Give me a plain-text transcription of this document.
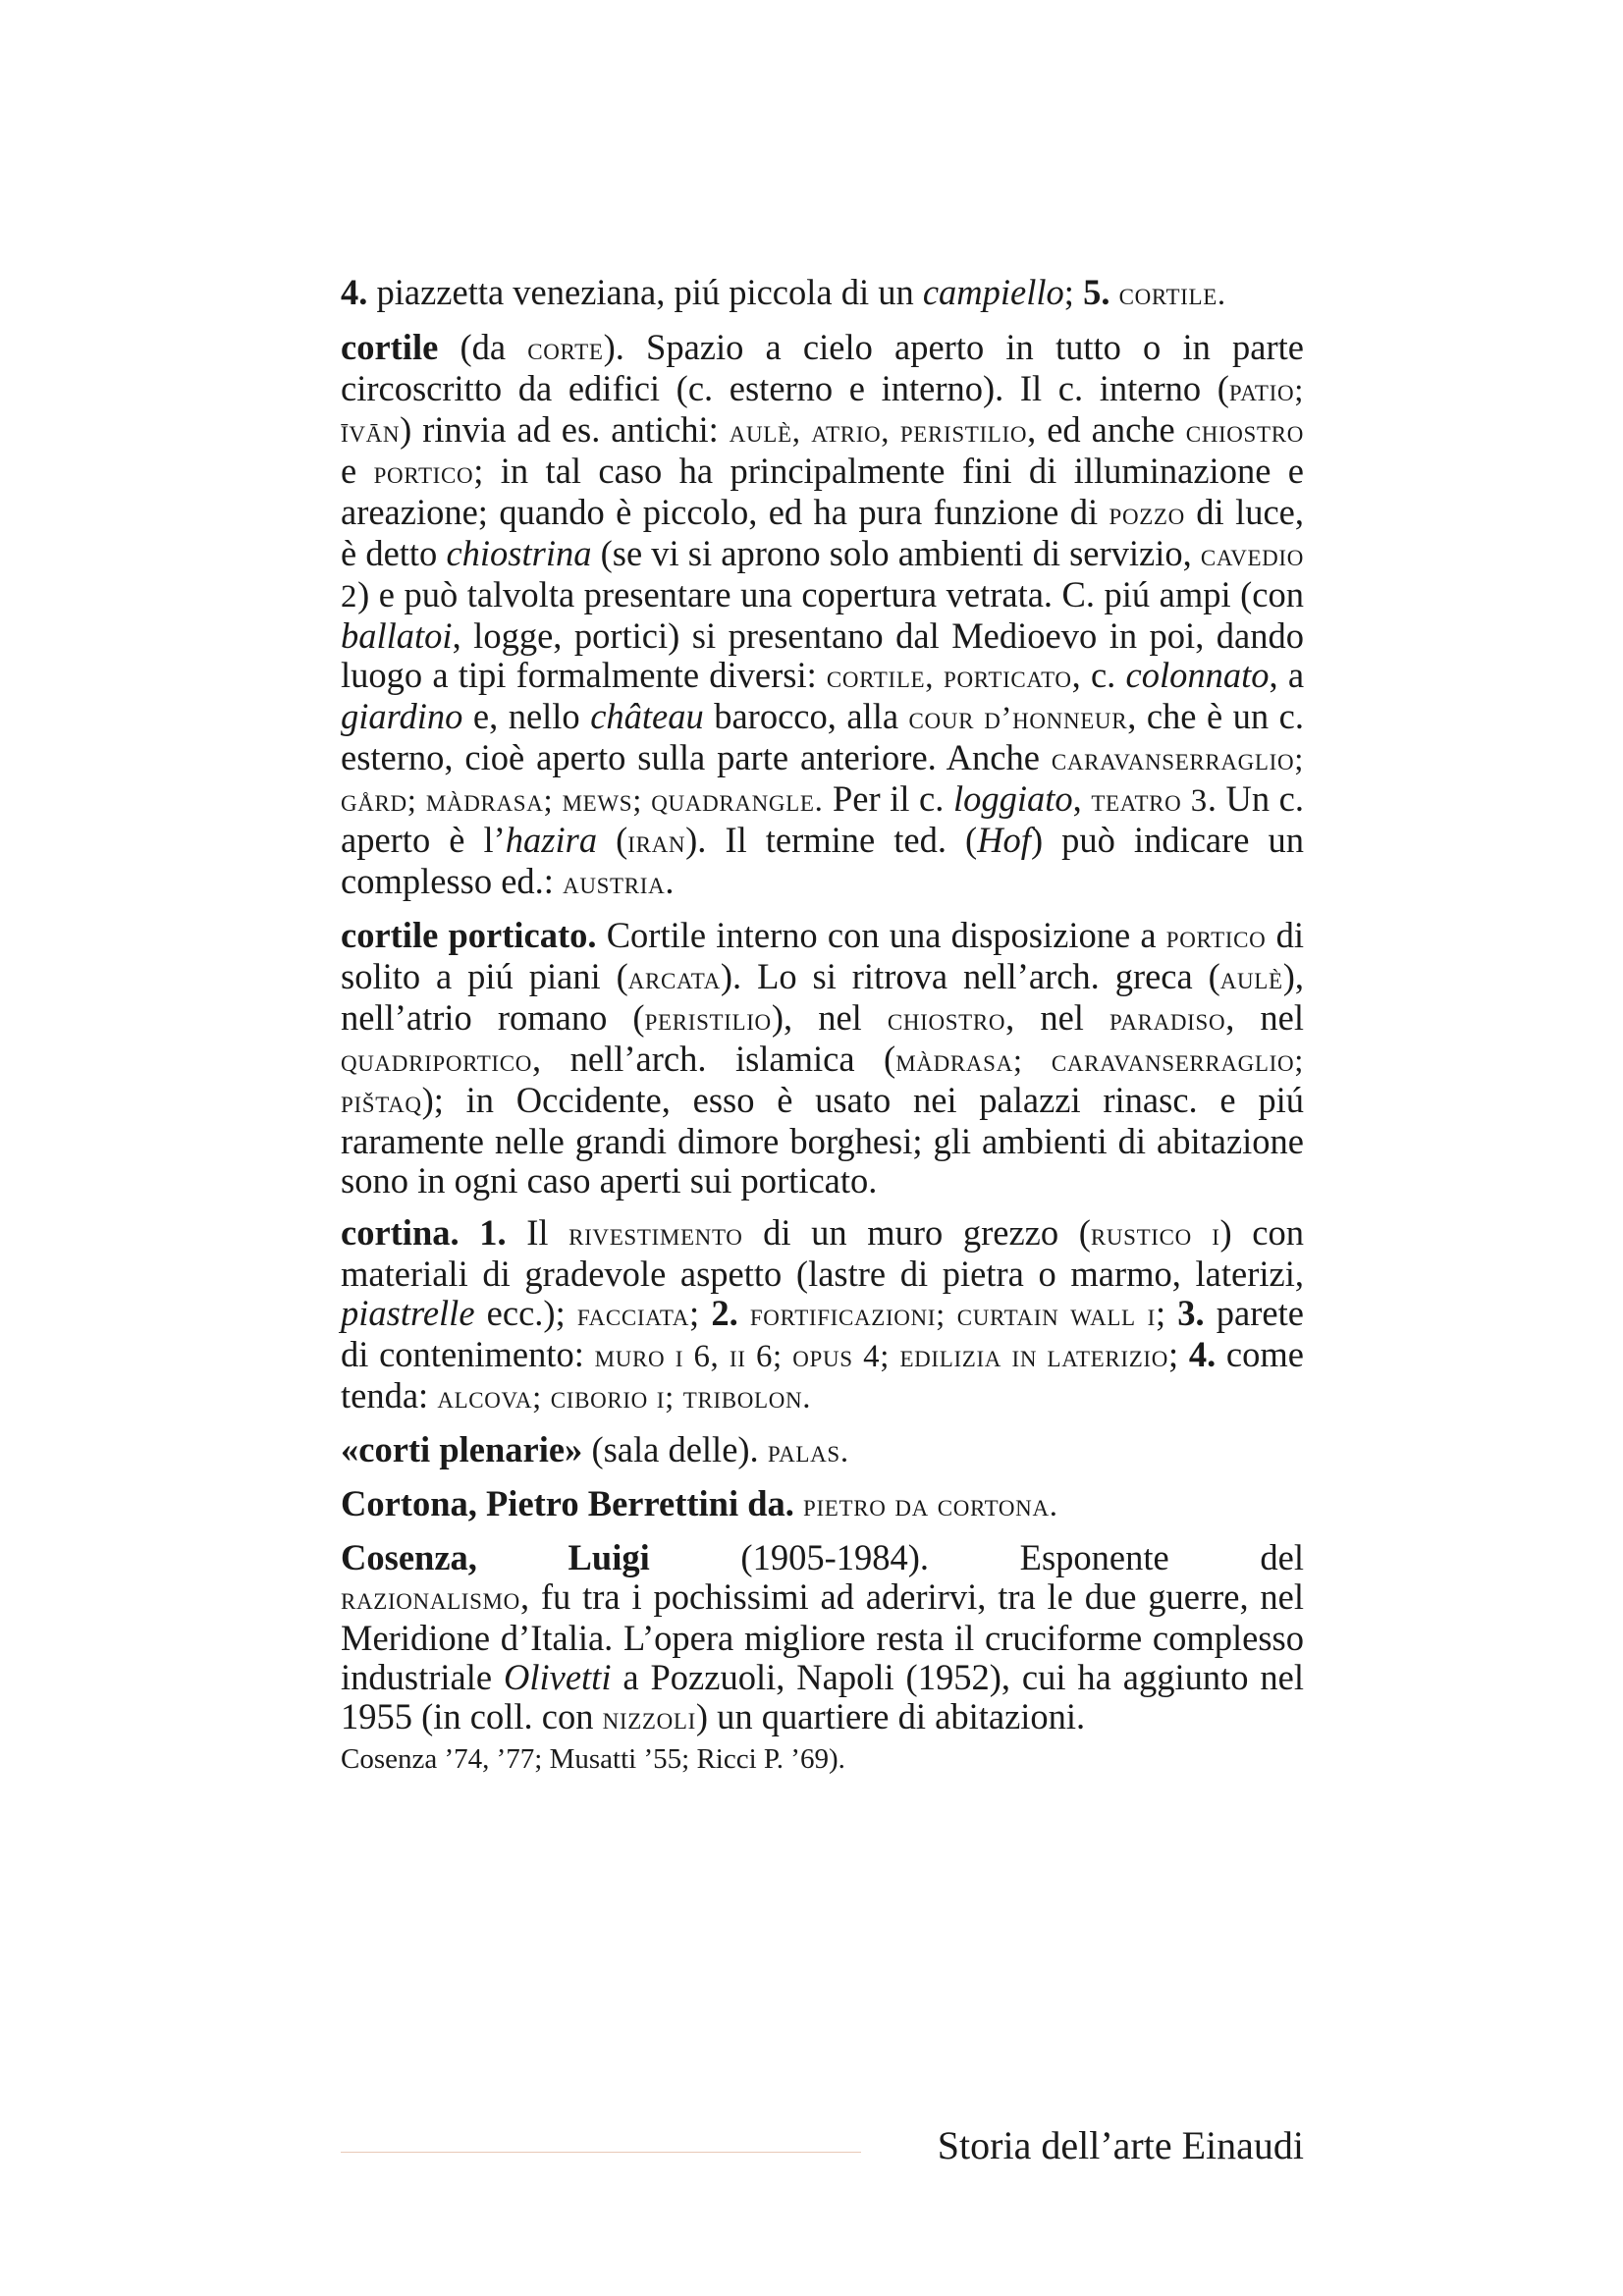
4. piazzetta veneziana, piú piccola di un campiello; 5. cortile.

cortile (da corte). Spazio a cielo aperto in tutto o in parte circoscritto da edifici (c. esterno e interno). Il c. interno (patio; īvān) rinvia ad es. antichi: aulè, atrio, peristilio, ed anche chiostro e portico; in tal caso ha principalmente fini di illuminazione e areazione; quando è piccolo, ed ha pura funzione di pozzo di luce, è detto chiostrina (se vi si aprono solo ambienti di servizio, cavedio 2) e può talvolta presentare una copertura vetrata. C. piú ampi (con ballatoi, logge, portici) si presentano dal Medioevo in poi, dando luogo a tipi formalmente diversi: cortile, porticato, c. colonnato, a giardino e, nello château barocco, alla cour d’honneur, che è un c. esterno, cioè aperto sulla parte anteriore. Anche caravanserraglio; gård; màdrasa; mews; quadrangle. Per il c. loggiato, teatro 3. Un c. aperto è l’hazira (iran). Il termine ted. (Hof) può indicare un complesso ed.: austria.

cortile porticato. Cortile interno con una disposizione a portico di solito a piú piani (arcata). Lo si ritrova nell’arch. greca (aulè), nell’atrio romano (peristilio), nel chiostro, nel paradiso, nel quadriportico, nell’arch. islamica (màdrasa; caravanserraglio; pištaq); in Occidente, esso è usato nei palazzi rinasc. e piú raramente nelle grandi dimore borghesi; gli ambienti di abitazione sono in ogni caso aperti sui porticato.

cortina. 1. Il rivestimento di un muro grezzo (rustico i) con materiali di gradevole aspetto (lastre di pietra o marmo, laterizi, piastrelle ecc.); facciata; 2. fortificazioni; curtain wall i; 3. parete di contenimento: muro i 6, ii 6; opus 4; edilizia in laterizio; 4. come tenda: alcova; ciborio i; tribolon.

«corti plenarie» (sala delle). palas.

Cortona, Pietro Berrettini da. pietro da cortona.

Cosenza, Luigi (1905-1984). Esponente del razionalismo, fu tra i pochissimi ad aderirvi, tra le due guerre, nel Meridione d’Italia. L’opera migliore resta il cruciforme complesso industriale Olivetti a Pozzuoli, Napoli (1952), cui ha aggiunto nel 1955 (in coll. con nizzoli) un quartiere di abitazioni.

Cosenza ’74, ’77; Musatti ’55; Ricci P. ’69).

Storia dell’arte Einaudi
